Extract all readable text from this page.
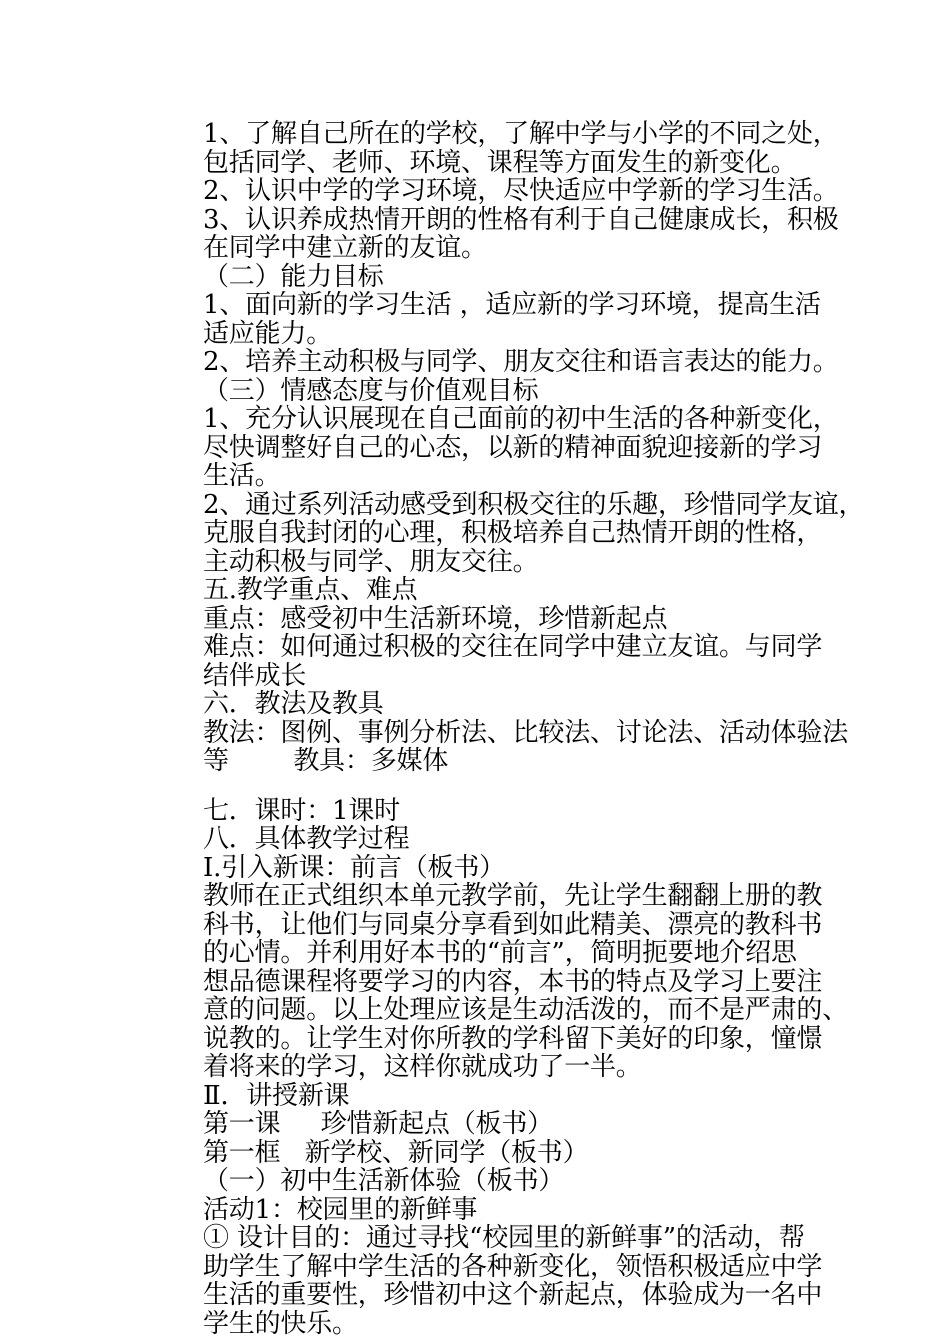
1、了解自己所在的学校，了解中学与小学的不同之处，
包括同学、老师、环境、课程等方面发生的新变化。
2、认识中学的学习环境，尽快适应中学新的学习生活。
3、认识养成热情开朗的性格有利于自己健康成长，积极
在同学中建立新的友谊。
（二）能力目标
1、面向新的学习生活 ，适应新的学习环境，提高生活
适应能力。
2、培养主动积极与同学、朋友交往和语言表达的能力。
（三）情感态度与价值观目标
1、充分认识展现在自己面前的初中生活的各种新变化，
尽快调整好自己的心态，以新的精神面貌迎接新的学习
生活。
2、通过系列活动感受到积极交往的乐趣，珍惜同学友谊，
克服自我封闭的心理，积极培养自己热情开朗的性格，
主动积极与同学、朋友交往。
五.教学重点、难点
重点：感受初中生活新环境，珍惜新起点
难点：如何通过积极的交往在同学中建立友谊。与同学
结伴成长
六．教法及教具
教法：图例、事例分析法、比较法、讨论法、活动体验法
等        教具：多媒体
七．课时：1课时
八．具体教学过程
Ⅰ.引入新课：前言（板书）
教师在正式组织本单元教学前，先让学生翻翻上册的教
科书，让他们与同桌分享看到如此精美、漂亮的教科书
的心情。并利用好本书的“前言”，简明扼要地介绍思
想品德课程将要学习的内容，本书的特点及学习上要注
意的问题。以上处理应该是生动活泼的，而不是严肃的、
说教的。让学生对你所教的学科留下美好的印象，憧憬
着将来的学习，这样你就成功了一半。
Ⅱ．讲授新课
第一课     珍惜新起点（板书）
第一框   新学校、新同学（板书）
（一）初中生活新体验（板书）
活动1：校园里的新鲜事
① 设计目的：通过寻找“校园里的新鲜事”的活动，帮
助学生了解中学生活的各种新变化，领悟积极适应中学
生活的重要性，珍惜初中这个新起点，体验成为一名中
学生的快乐。
